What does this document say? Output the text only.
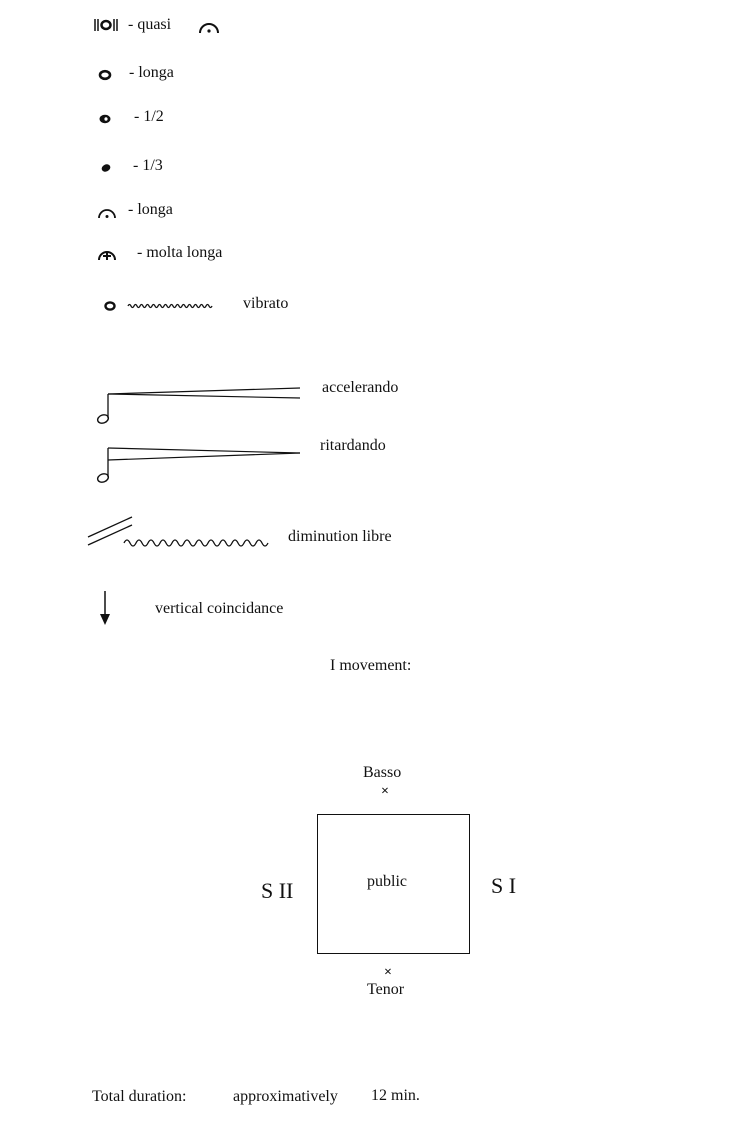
- quasi
- longa
- 1/2
- 1/3
- longa
- molta longa
vibrato
accelerando
ritardando
diminution libre
vertical coincidance
I movement:
Basso
×
S II	public	S I
×
Tenor
Total duration:	approximatively 12 min.
